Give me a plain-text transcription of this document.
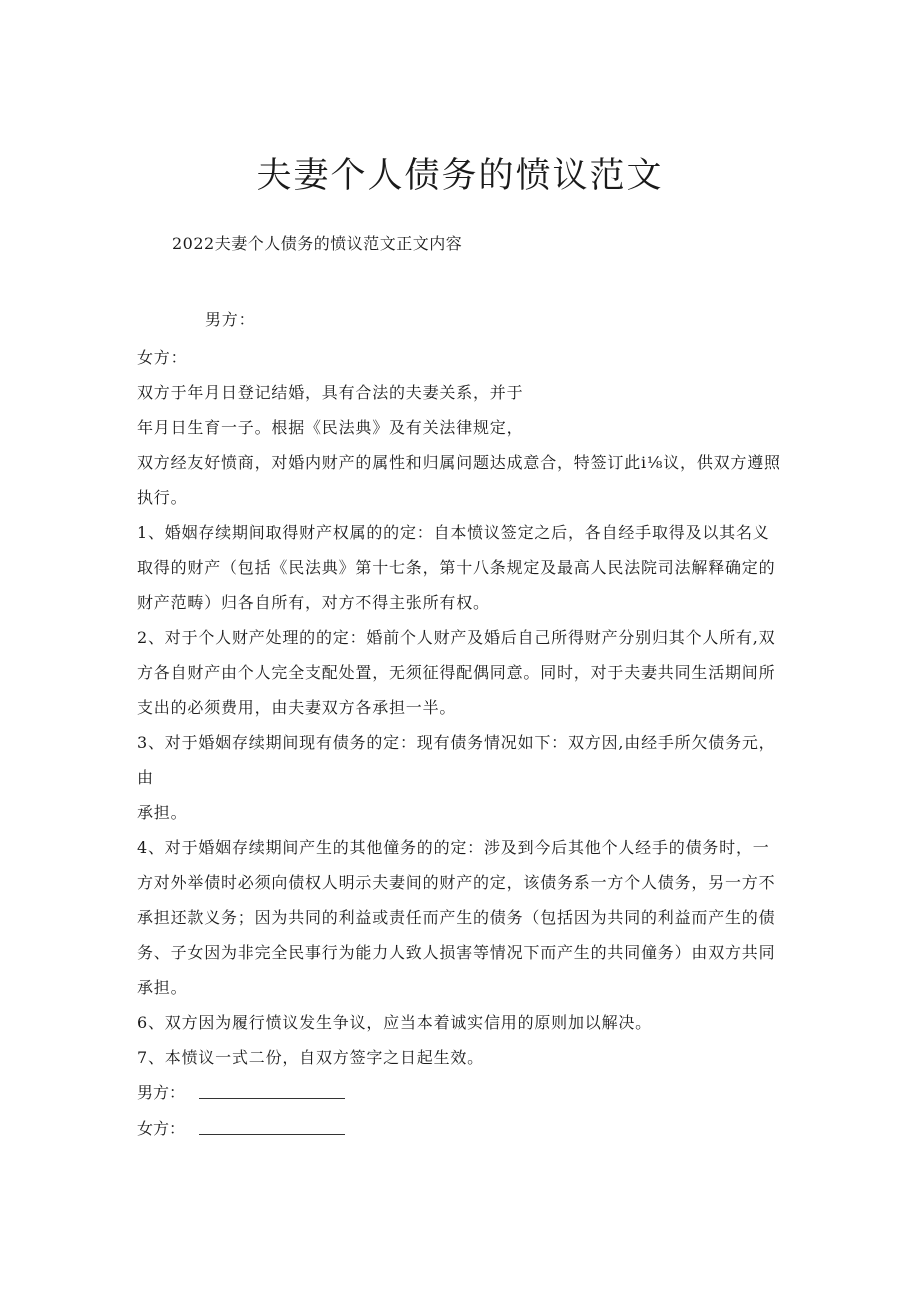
夫妻个人债务的愤议范文

2022夫妻个人债务的愤议范文正文内容

男方：

女方：

双方于年月日登记结婚，具有合法的夫妻关系，并于

年月日生育一子。根据《民法典》及有关法律规定，

双方经友好愤商，对婚内财产的属性和归属问题达成意合，特签订此i⅛议，供双方遵照

执行。

1、婚姻存续期间取得财产权属的的定：自本愤议签定之后，各自经手取得及以其名义

取得的财产（包括《民法典》第十七条，第十八条规定及最高人民法院司法解释确定的

财产范畴）归各自所有，对方不得主张所有权。

2、对于个人财产处理的的定：婚前个人财产及婚后自己所得财产分别归其个人所有,双

方各自财产由个人完全支配处置，无须征得配偶同意。同时，对于夫妻共同生活期间所

支出的必须费用，由夫妻双方各承担一半。

3、对于婚姻存续期间现有债务的定：现有债务情况如下：双方因,由经手所欠债务元，

由

承担。

4、对于婚姻存续期间产生的其他僮务的的定：涉及到今后其他个人经手的债务时，一

方对外举债时必须向债权人明示夫妻间的财产的定，该债务系一方个人债务，另一方不

承担还款义务；因为共同的利益或责任而产生的债务（包括因为共同的利益而产生的债

务、子女因为非完全民事行为能力人致人损害等情况下而产生的共同僮务）由双方共同

承担。

6、双方因为履行愤议发生争议，应当本着诚实信用的原则加以解决。

7、本愤议一式二份，自双方签字之日起生效。

男方：

女方：
